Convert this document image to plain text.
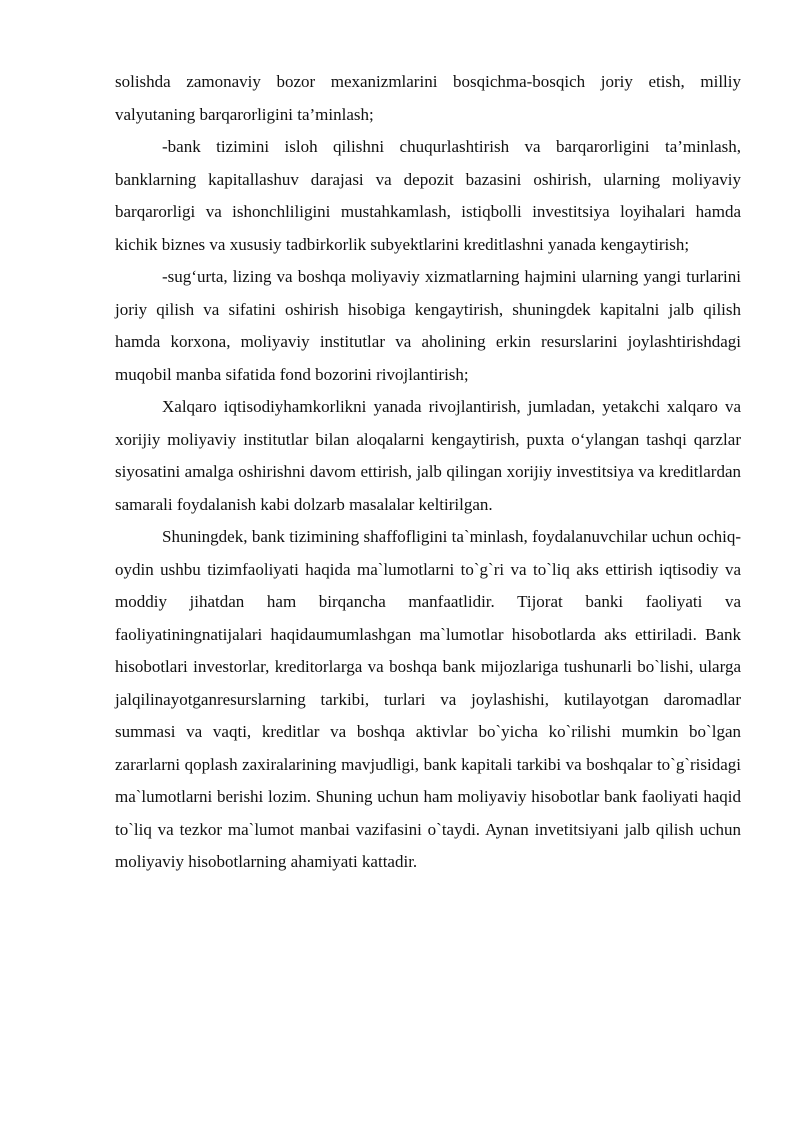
solishda zamonaviy bozor mexanizmlarini bosqichma-bosqich joriy etish, milliy valyutaning barqarorligini ta’minlash;

-bank tizimini isloh qilishni chuqurlashtirish va barqarorligini ta’minlash, banklarning kapitallashuv darajasi va depozit bazasini oshirish, ularning moliyaviy barqarorligi va ishonchliligini mustahkamlash, istiqbolli investitsiya loyihalari hamda kichik biznes va xususiy tadbirkorlik subyektlarini kreditlashni yanada kengaytirish;

-sug‘urta, lizing va boshqa moliyaviy xizmatlarning hajmini ularning yangi turlarini joriy qilish va sifatini oshirish hisobiga kengaytirish, shuningdek kapitalni jalb qilish hamda korxona, moliyaviy institutlar va aholining erkin resurslarini joylashtirishdagi muqobil manba sifatida fond bozorini rivojlantirish;

Xalqaro iqtisodiyhamkorlikni yanada rivojlantirish, jumladan, yetakchi xalqaro va xorijiy moliyaviy institutlar bilan aloqalarni kengaytirish, puxta o‘ylangan tashqi qarzlar siyosatini amalga oshirishni davom ettirish, jalb qilingan xorijiy investitsiya va kreditlardan samarali foydalanish kabi dolzarb masalalar keltirilgan.

Shuningdek, bank tizimining shaffofligini ta`minlash, foydalanuvchilar uchun ochiq-oydin ushbu tizimfaoliyati haqida ma`lumotlarni to`g`ri va to`liq aks ettirish iqtisodiy va moddiy jihatdan ham birqancha manfaatlidir. Tijorat banki faoliyati va faoliyatiningnatijalari haqidaumumlashgan ma`lumotlar hisobotlarda aks ettiriladi. Bank hisobotlari investorlar, kreditorlarga va boshqa bank mijozlariga tushunarli bo`lishi, ularga jalqilinayotganresurslarning tarkibi, turlari va joylashishi, kutilayotgan daromadlar summasi va vaqti, kreditlar va boshqa aktivlar bo`yicha ko`rilishi mumkin bo`lgan zararlarni qoplash zaxiralarining mavjudligi, bank kapitali tarkibi va boshqalar to`g`risidagi ma`lumotlarni berishi lozim. Shuning uchun ham moliyaviy hisobotlar bank faoliyati haqid to`liq va tezkor ma`lumot manbai vazifasini o`taydi. Aynan invetitsiyani jalb qilish uchun moliyaviy hisobotlarning ahamiyati kattadir.
